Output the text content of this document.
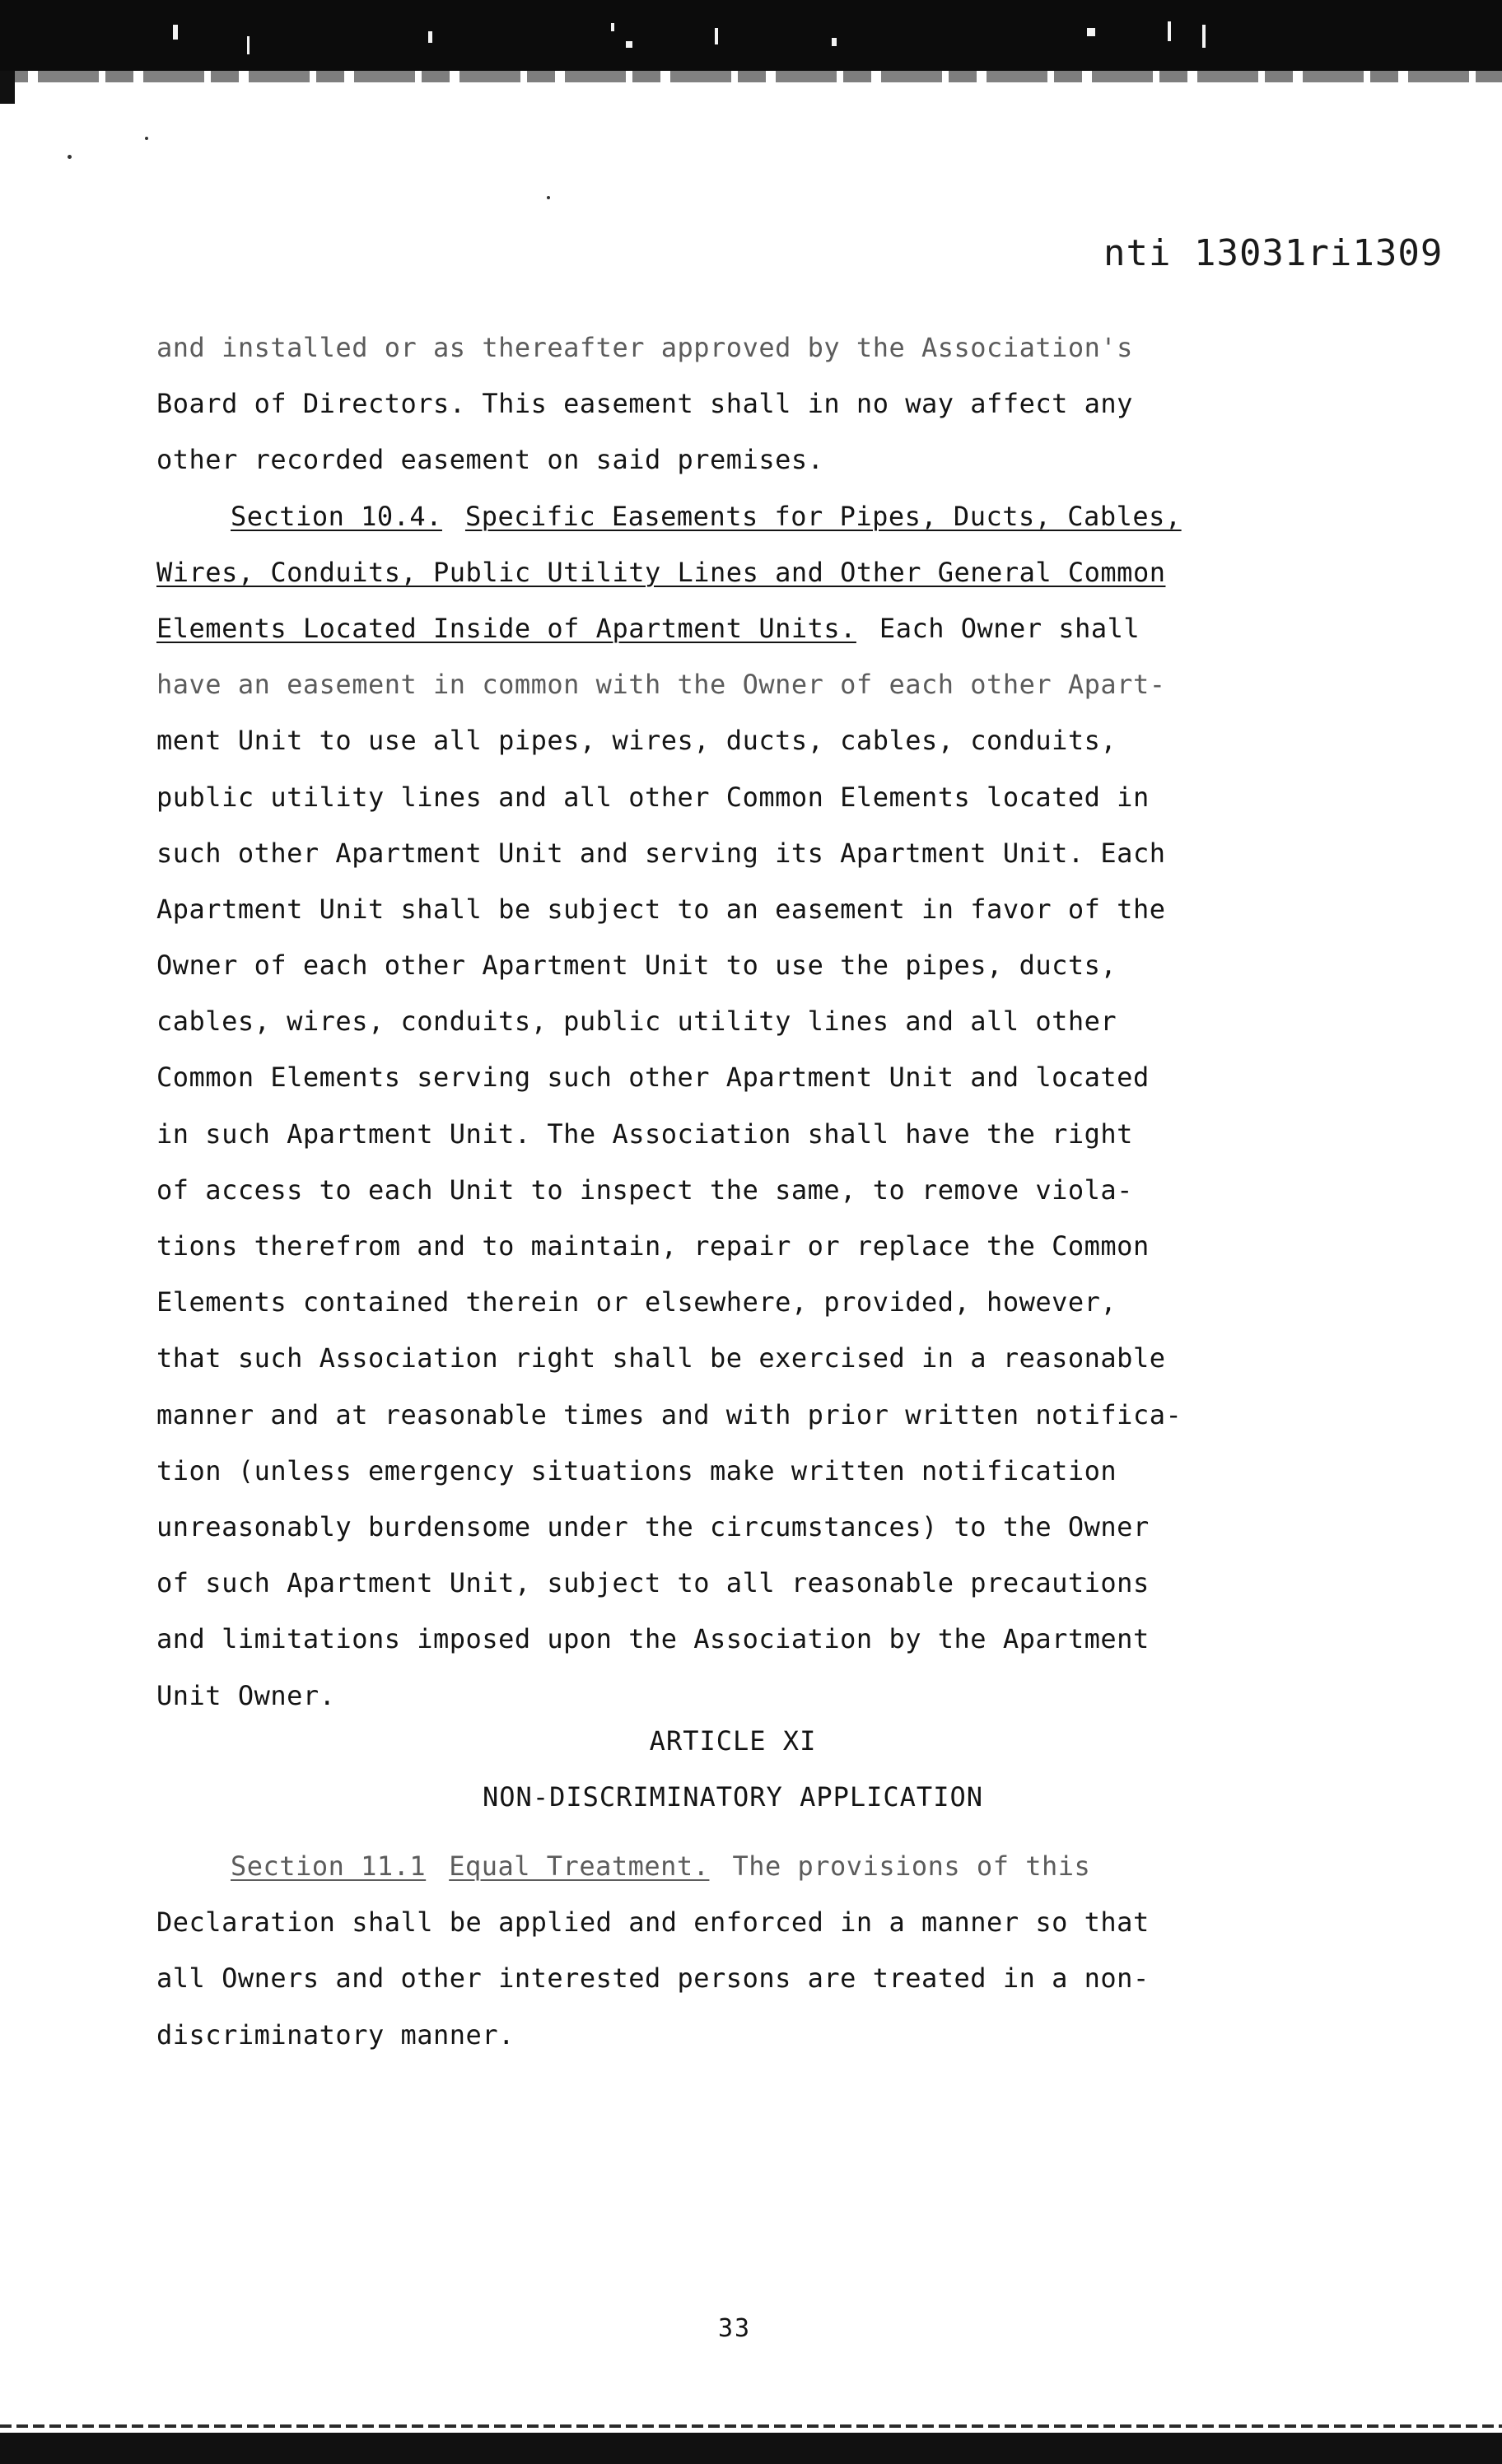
nti 13031ri1309
and installed or as thereafter approved by the Association's
Board of Directors. This easement shall in no way affect any
other recorded easement on said premises.
Section 10.4. Specific Easements for Pipes, Ducts, Cables,
Wires, Conduits, Public Utility Lines and Other General Common
Elements Located Inside of Apartment Units. Each Owner shall
have an easement in common with the Owner of each other Apart-
ment Unit to use all pipes, wires, ducts, cables, conduits,
public utility lines and all other Common Elements located in
such other Apartment Unit and serving its Apartment Unit. Each
Apartment Unit shall be subject to an easement in favor of the
Owner of each other Apartment Unit to use the pipes, ducts,
cables, wires, conduits, public utility lines and all other
Common Elements serving such other Apartment Unit and located
in such Apartment Unit. The Association shall have the right
of access to each Unit to inspect the same, to remove viola-
tions therefrom and to maintain, repair or replace the Common
Elements contained therein or elsewhere, provided, however,
that such Association right shall be exercised in a reasonable
manner and at reasonable times and with prior written notifica-
tion (unless emergency situations make written notification
unreasonably burdensome under the circumstances) to the Owner
of such Apartment Unit, subject to all reasonable precautions
and limitations imposed upon the Association by the Apartment
Unit Owner.
ARTICLE XI
NON-DISCRIMINATORY APPLICATION
Section 11.1 Equal Treatment. The provisions of this
Declaration shall be applied and enforced in a manner so that
all Owners and other interested persons are treated in a non-
discriminatory manner.
33
